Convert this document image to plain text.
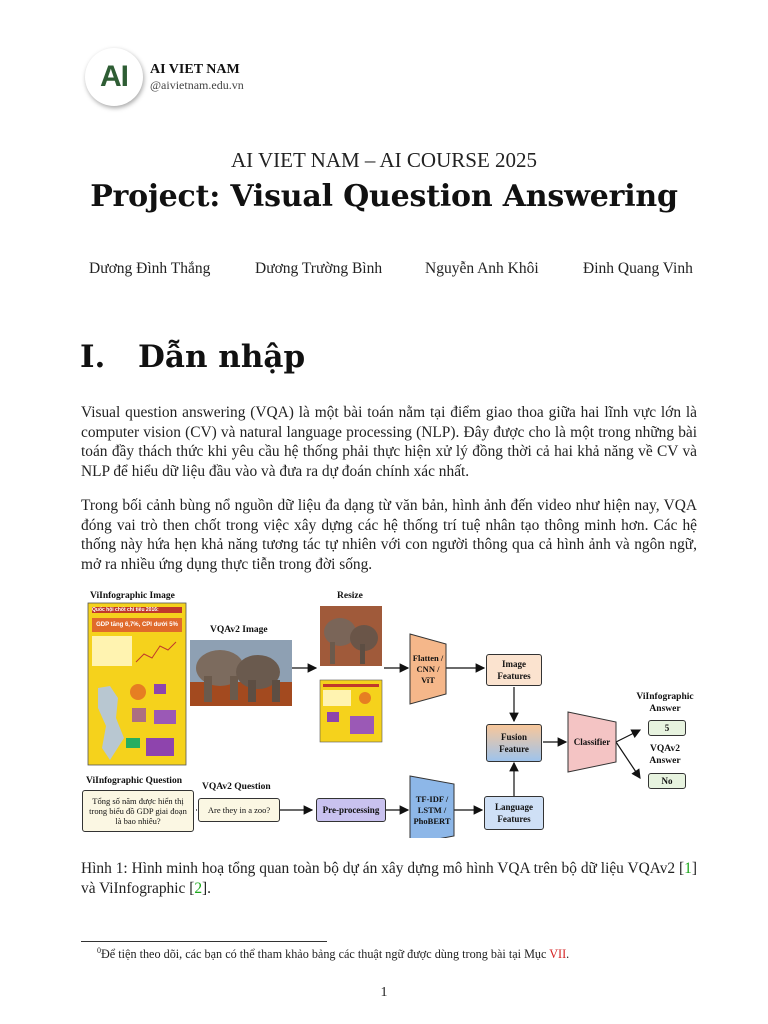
AI	AI VIET NAM
@aivietnam.edu.vn
AI VIET NAM – AI COURSE 2025
Project: Visual Question Answering
Dương Đình Thắng	Dương Trường Bình	Nguyễn Anh Khôi	Đinh Quang Vinh
I. Dẫn nhập

Visual question answering (VQA) là một bài toán nằm tại điểm giao thoa giữa hai lĩnh vực lớn là computer vision (CV) và natural language processing (NLP). Đây được cho là một trong những bài toán đầy thách thức khi yêu cầu hệ thống phải thực hiện xử lý đồng thời cả hai khả năng về CV và NLP để hiểu dữ liệu đầu vào và đưa ra dự đoán chính xác nhất.

Trong bối cảnh bùng nổ nguồn dữ liệu đa dạng từ văn bản, hình ảnh đến video như hiện nay, VQA đóng vai trò then chốt trong việc xây dựng các hệ thống trí tuệ nhân tạo thông minh hơn. Các hệ thống này hứa hẹn khả năng tương tác tự nhiên với con người thông qua cả hình ảnh và ngôn ngữ, mở ra nhiều ứng dụng thực tiễn trong đời sống.

ViInfographic Image
VQAv2 Image
Resize
ViInfographic Question
VQAv2 Question
ViInfographic Answer
VQAv2 Answer
Quốc hội chốt chỉ tiêu 2016:
GDP tăng 6,7%, CPI dưới 5%
Tổng số năm được hiển thị trong biểu đồ GDP giai đoạn là bao nhiêu?
Are they in a zoo?
Flatten / CNN / ViT
Image Features
Fusion Feature
Classifier
Pre-processing
TF-IDF / LSTM / PhoBERT
Language Features
5
No

Hình 1: Hình minh hoạ tổng quan toàn bộ dự án xây dựng mô hình VQA trên bộ dữ liệu VQAv2 [1] và ViInfographic [2].

$^0$Để tiện theo dõi, các bạn có thể tham khảo bảng các thuật ngữ được dùng trong bài tại Mục VII.
1
